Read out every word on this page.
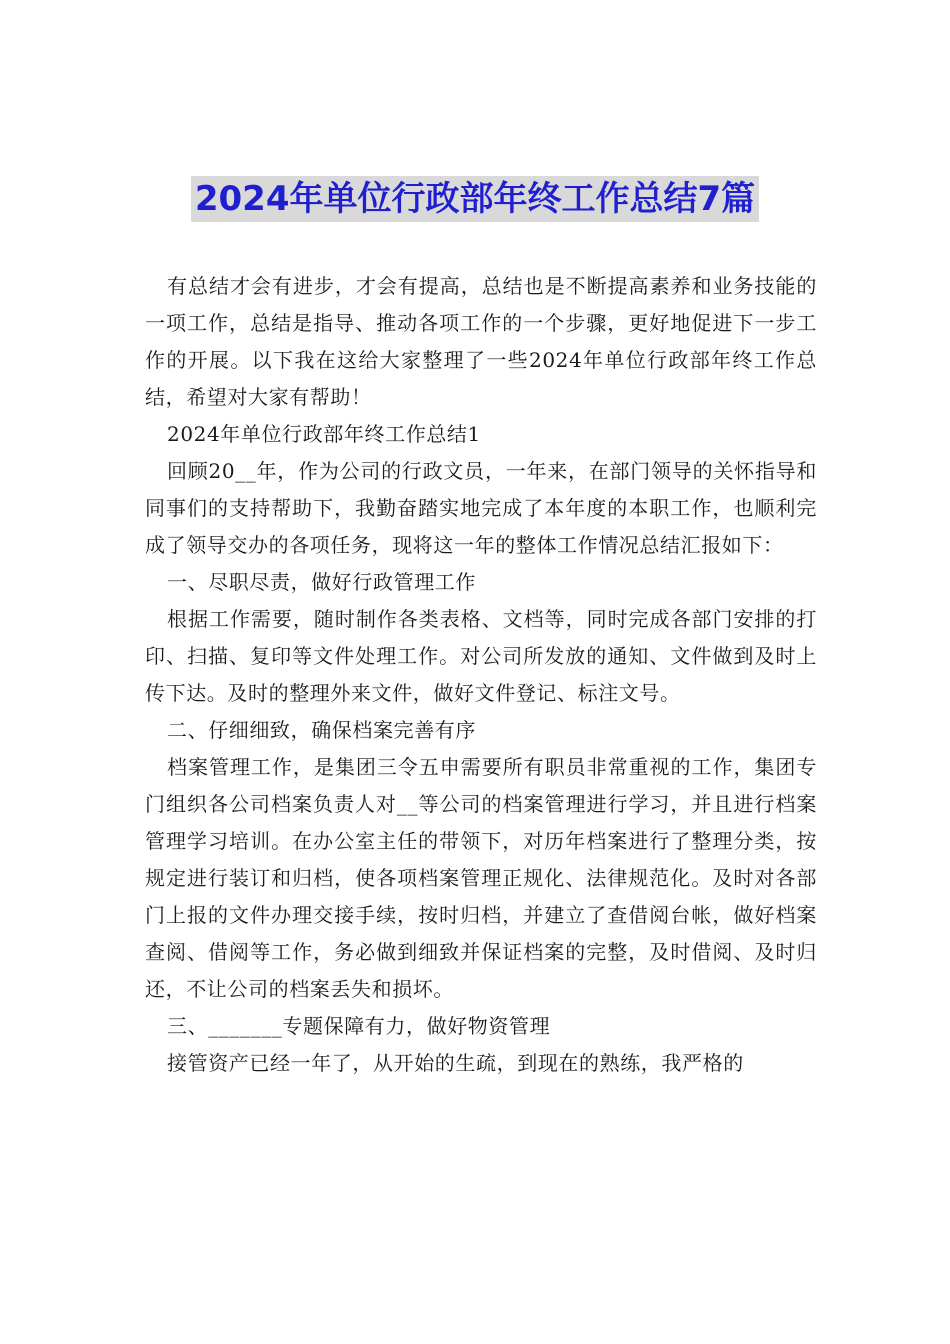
2024年单位行政部年终工作总结7篇

有总结才会有进步，才会有提高，总结也是不断提高素养和业务技能的一项工作，总结是指导、推动各项工作的一个步骤，更好地促进下一步工作的开展。以下我在这给大家整理了一些2024年单位行政部年终工作总结，希望对大家有帮助！

2024年单位行政部年终工作总结1

回顾20__年，作为公司的行政文员，一年来，在部门领导的关怀指导和同事们的支持帮助下，我勤奋踏实地完成了本年度的本职工作，也顺利完成了领导交办的各项任务，现将这一年的整体工作情况总结汇报如下：

一、尽职尽责，做好行政管理工作

根据工作需要，随时制作各类表格、文档等，同时完成各部门安排的打印、扫描、复印等文件处理工作。对公司所发放的通知、文件做到及时上传下达。及时的整理外来文件，做好文件登记、标注文号。

二、仔细细致，确保档案完善有序

档案管理工作，是集团三令五申需要所有职员非常重视的工作，集团专门组织各公司档案负责人对__等公司的档案管理进行学习，并且进行档案管理学习培训。在办公室主任的带领下，对历年档案进行了整理分类，按规定进行装订和归档，使各项档案管理正规化、法律规范化。及时对各部门上报的文件办理交接手续，按时归档，并建立了查借阅台帐，做好档案查阅、借阅等工作，务必做到细致并保证档案的完整，及时借阅、及时归还，不让公司的档案丢失和损坏。

三、_______专题保障有力，做好物资管理

接管资产已经一年了，从开始的生疏，到现在的熟练，我严格的
